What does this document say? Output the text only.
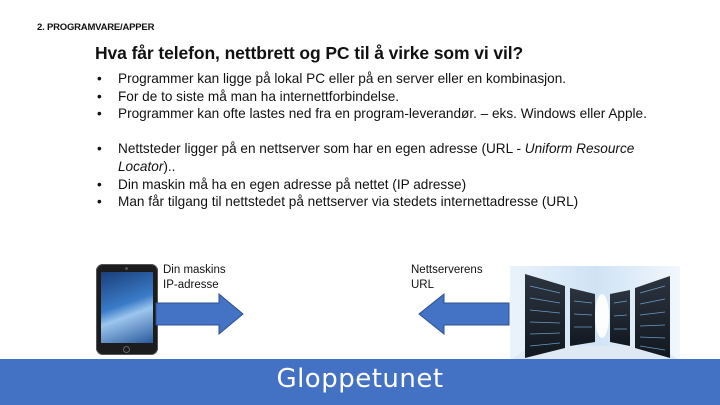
2. PROGRAMVARE/APPER
Hva får telefon, nettbrett og PC til å virke som vi vil?
• Programmer kan ligge på lokal PC eller på en server eller en kombinasjon.
• For de to siste må man ha internettforbindelse.
• Programmer kan ofte lastes ned fra en program-leverandør. – eks. Windows eller Apple.
• Nettsteder ligger på en nettserver som har en egen adresse (URL - Uniform Resource Locator)..
• Din maskin må ha en egen adresse på nettet (IP adresse)
• Man får tilgang til nettstedet på nettserver via stedets internettadresse (URL)
Din maskins
IP-adresse
Nettserverens
URL
Gloppetunet
